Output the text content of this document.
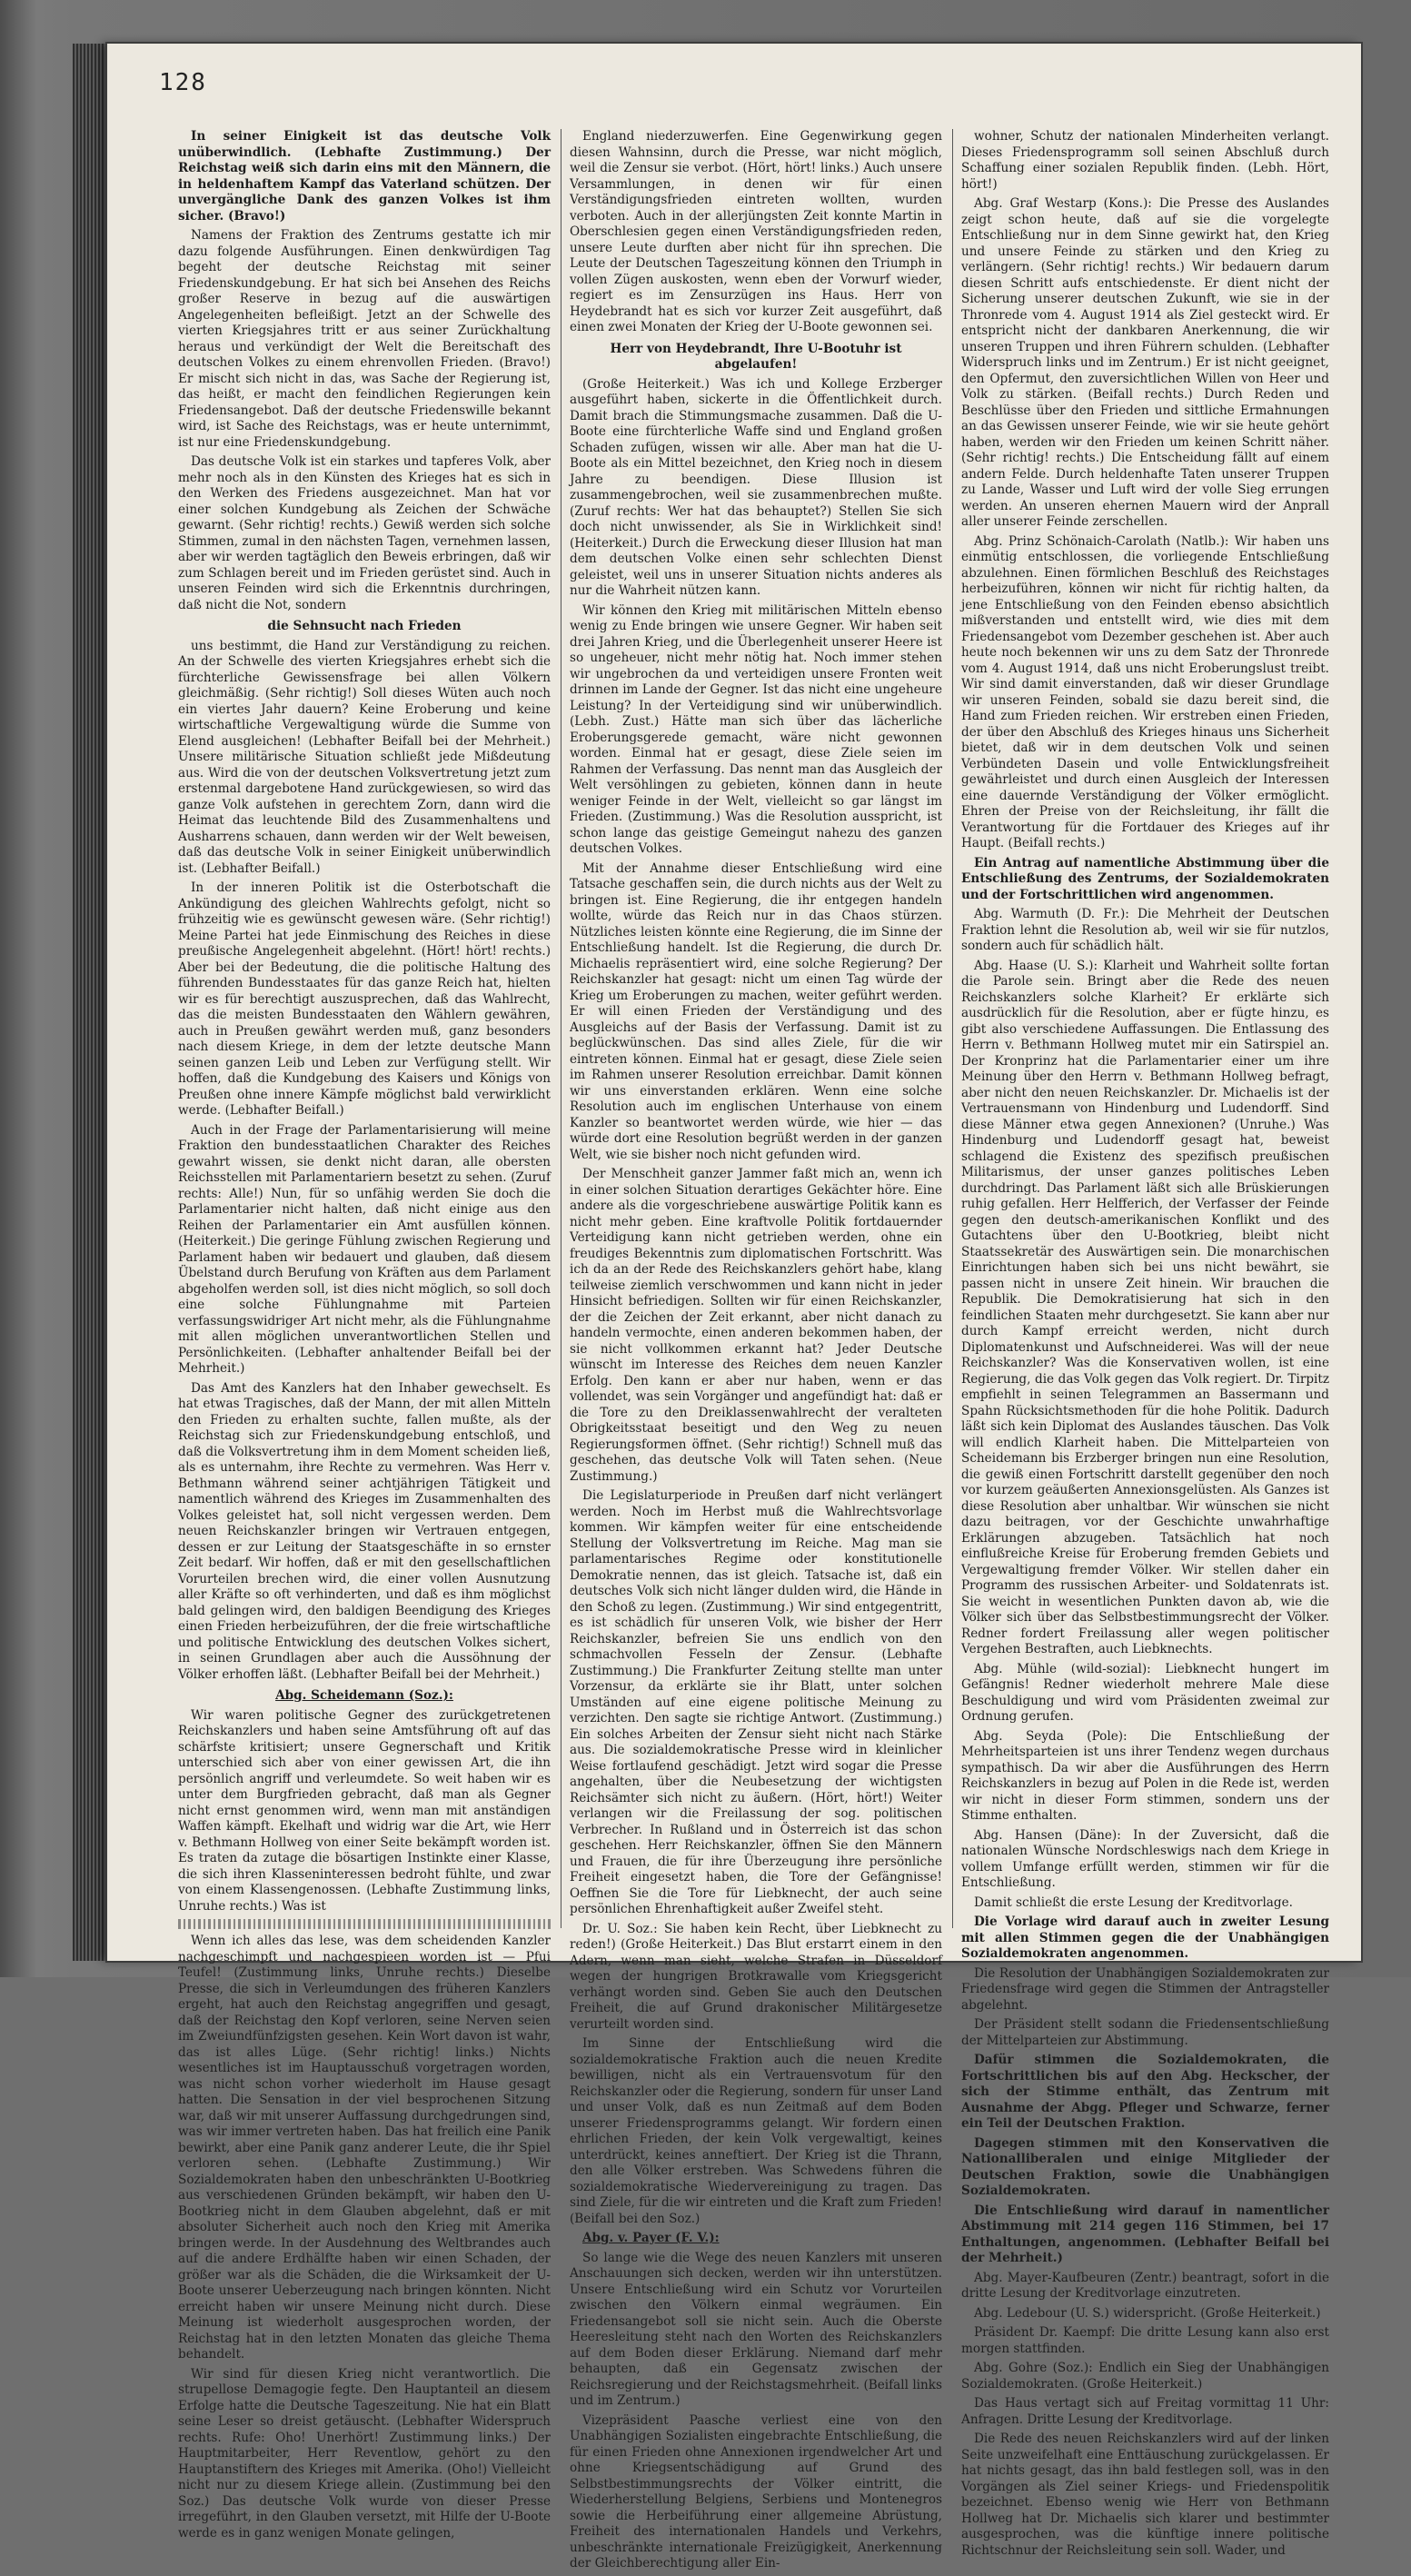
128

In seiner Einigkeit ist das deutsche Volk unüberwindlich. (Lebhafte Zustimmung.) Der Reichstag weiß sich darin eins mit den Männern, die in heldenhaftem Kampf das Vaterland schützen. Der unvergängliche Dank des ganzen Volkes ist ihm sicher. (Bravo!)

Namens der Fraktion des Zentrums gestatte ich mir dazu folgende Ausführungen. Einen denkwürdigen Tag begeht der deutsche Reichstag mit seiner Friedenskundgebung. Er hat sich bei Ansehen des Reichs großer Reserve in bezug auf die auswärtigen Angelegenheiten befleißigt. Jetzt an der Schwelle des vierten Kriegsjahres tritt er aus seiner Zurückhaltung heraus und verkündigt der Welt die Bereitschaft des deutschen Volkes zu einem ehrenvollen Frieden. (Bravo!) Er mischt sich nicht in das, was Sache der Regierung ist, das heißt, er macht den feindlichen Regierungen kein Friedensangebot. Daß der deutsche Friedenswille bekannt wird, ist Sache des Reichstags, was er heute unternimmt, ist nur eine Friedenskundgebung.

Das deutsche Volk ist ein starkes und tapferes Volk, aber mehr noch als in den Künsten des Krieges hat es sich in den Werken des Friedens ausgezeichnet. Man hat vor einer solchen Kundgebung als Zeichen der Schwäche gewarnt. (Sehr richtig! rechts.) Gewiß werden sich solche Stimmen, zumal in den nächsten Tagen, vernehmen lassen, aber wir werden tagtäglich den Beweis erbringen, daß wir zum Schlagen bereit und im Frieden gerüstet sind. Auch in unseren Feinden wird sich die Erkenntnis durchringen, daß nicht die Not, sondern

die Sehnsucht nach Frieden

uns bestimmt, die Hand zur Verständigung zu reichen. An der Schwelle des vierten Kriegsjahres erhebt sich die fürchterliche Gewissensfrage bei allen Völkern gleichmäßig. (Sehr richtig!) Soll dieses Wüten auch noch ein viertes Jahr dauern? Keine Eroberung und keine wirtschaftliche Vergewaltigung würde die Summe von Elend ausgleichen! (Lebhafter Beifall bei der Mehrheit.) Unsere militärische Situation schließt jede Mißdeutung aus. Wird die von der deutschen Volksvertretung jetzt zum erstenmal dargebotene Hand zurückgewiesen, so wird das ganze Volk aufstehen in gerechtem Zorn, dann wird die Heimat das leuchtende Bild des Zusammenhaltens und Ausharrens schauen, dann werden wir der Welt beweisen, daß das deutsche Volk in seiner Einigkeit unüberwindlich ist. (Lebhafter Beifall.)

In der inneren Politik ist die Osterbotschaft die Ankündigung des gleichen Wahlrechts gefolgt, nicht so frühzeitig wie es gewünscht gewesen wäre. (Sehr richtig!) Meine Partei hat jede Einmischung des Reiches in diese preußische Angelegenheit abgelehnt. (Hört! hört! rechts.) Aber bei der Bedeutung, die die politische Haltung des führenden Bundesstaates für das ganze Reich hat, hielten wir es für berechtigt auszusprechen, daß das Wahlrecht, das die meisten Bundesstaaten den Wählern gewähren, auch in Preußen gewährt werden muß, ganz besonders nach diesem Kriege, in dem der letzte deutsche Mann seinen ganzen Leib und Leben zur Verfügung stellt. Wir hoffen, daß die Kundgebung des Kaisers und Königs von Preußen ohne innere Kämpfe möglichst bald verwirklicht werde. (Lebhafter Beifall.)

Auch in der Frage der Parlamentarisierung will meine Fraktion den bundesstaatlichen Charakter des Reiches gewahrt wissen, sie denkt nicht daran, alle obersten Reichsstellen mit Parlamentariern besetzt zu sehen. (Zuruf rechts: Alle!) Nun, für so unfähig werden Sie doch die Parlamentarier nicht halten, daß nicht einige aus den Reihen der Parlamentarier ein Amt ausfüllen können. (Heiterkeit.) Die geringe Fühlung zwischen Regierung und Parlament haben wir bedauert und glauben, daß diesem Übelstand durch Berufung von Kräften aus dem Parlament abgeholfen werden soll, ist dies nicht möglich, so soll doch eine solche Fühlungnahme mit Parteien verfassungswidriger Art nicht mehr, als die Fühlungnahme mit allen möglichen unverantwortlichen Stellen und Persönlichkeiten. (Lebhafter anhaltender Beifall bei der Mehrheit.)

Das Amt des Kanzlers hat den Inhaber gewechselt. Es hat etwas Tragisches, daß der Mann, der mit allen Mitteln den Frieden zu erhalten suchte, fallen mußte, als der Reichstag sich zur Friedenskundgebung entschloß, und daß die Volksvertretung ihm in dem Moment scheiden ließ, als es unternahm, ihre Rechte zu vermehren. Was Herr v. Bethmann während seiner achtjährigen Tätigkeit und namentlich während des Krieges im Zusammenhalten des Volkes geleistet hat, soll nicht vergessen werden. Dem neuen Reichskanzler bringen wir Vertrauen entgegen, dessen er zur Leitung der Staatsgeschäfte in so ernster Zeit bedarf. Wir hoffen, daß er mit den gesellschaftlichen Vorurteilen brechen wird, die einer vollen Ausnutzung aller Kräfte so oft verhinderten, und daß es ihm möglichst bald gelingen wird, den baldigen Beendigung des Krieges einen Frieden herbeizuführen, der die freie wirtschaftliche und politische Entwicklung des deutschen Volkes sichert, in seinen Grundlagen aber auch die Aussöhnung der Völker erhoffen läßt. (Lebhafter Beifall bei der Mehrheit.)

Abg. Scheidemann (Soz.):

Wir waren politische Gegner des zurückgetretenen Reichskanzlers und haben seine Amtsführung oft auf das schärfste kritisiert; unsere Gegnerschaft und Kritik unterschied sich aber von einer gewissen Art, die ihn persönlich angriff und verleumdete. So weit haben wir es unter dem Burgfrieden gebracht, daß man als Gegner nicht ernst genommen wird, wenn man mit anständigen Waffen kämpft. Ekelhaft und widrig war die Art, wie Herr v. Bethmann Hollweg von einer Seite bekämpft worden ist. Es traten da zutage die bösartigen Instinkte einer Klasse, die sich ihren Klasseninteressen bedroht fühlte, und zwar von einem Klassengenossen. (Lebhafte Zustimmung links, Unruhe rechts.) Was ist

Wenn ich alles das lese, was dem scheidenden Kanzler nachgeschimpft und nachgespieen worden ist — Pfui Teufel! (Zustimmung links, Unruhe rechts.) Dieselbe Presse, die sich in Verleumdungen des früheren Kanzlers ergeht, hat auch den Reichstag angegriffen und gesagt, daß der Reichstag den Kopf verloren, seine Nerven seien im Zweiundfünfzigsten gesehen. Kein Wort davon ist wahr, das ist alles Lüge. (Sehr richtig! links.) Nichts wesentliches ist im Hauptausschuß vorgetragen worden, was nicht schon vorher wiederholt im Hause gesagt hatten. Die Sensation in der viel besprochenen Sitzung war, daß wir mit unserer Auffassung durchgedrungen sind, was wir immer vertreten haben. Das hat freilich eine Panik bewirkt, aber eine Panik ganz anderer Leute, die ihr Spiel verloren sehen. (Lebhafte Zustimmung.) Wir Sozialdemokraten haben den unbeschränkten U-Bootkrieg aus verschiedenen Gründen bekämpft, wir haben den U-Bootkrieg nicht in dem Glauben abgelehnt, daß er mit absoluter Sicherheit auch noch den Krieg mit Amerika bringen werde. In der Ausdehnung des Weltbrandes auch auf die andere Erdhälfte haben wir einen Schaden, der größer war als die Schäden, die die Wirksamkeit der U-Boote unserer Ueberzeugung nach bringen könnten. Nicht erreicht haben wir unsere Meinung nicht durch. Diese Meinung ist wiederholt ausgesprochen worden, der Reichstag hat in den letzten Monaten das gleiche Thema behandelt.

Wir sind für diesen Krieg nicht verantwortlich. Die strupellose Demagogie fegte. Den Hauptanteil an diesem Erfolge hatte die Deutsche Tageszeitung. Nie hat ein Blatt seine Leser so dreist getäuscht. (Lebhafter Widerspruch rechts. Rufe: Oho! Unerhört! Zustimmung links.) Der Hauptmitarbeiter, Herr Reventlow, gehört zu den Hauptanstiftern des Krieges mit Amerika. (Oho!) Vielleicht nicht nur zu diesem Kriege allein. (Zustimmung bei den Soz.) Das deutsche Volk wurde von dieser Presse irregeführt, in den Glauben versetzt, mit Hilfe der U-Boote werde es in ganz wenigen Monate gelingen,

England niederzuwerfen. Eine Gegenwirkung gegen diesen Wahnsinn, durch die Presse, war nicht möglich, weil die Zensur sie verbot. (Hört, hört! links.) Auch unsere Versammlungen, in denen wir für einen Verständigungsfrieden eintreten wollten, wurden verboten. Auch in der allerjüngsten Zeit konnte Martin in Oberschlesien gegen einen Verständigungsfrieden reden, unsere Leute durften aber nicht für ihn sprechen. Die Leute der Deutschen Tageszeitung können den Triumph in vollen Zügen auskosten, wenn eben der Vorwurf wieder, regiert es im Zensurzügen ins Haus. Herr von Heydebrandt hat es sich vor kurzer Zeit ausgeführt, daß einen zwei Monaten der Krieg der U-Boote gewonnen sei.

Herr von Heydebrandt, Ihre U-Bootuhr ist abgelaufen!

(Große Heiterkeit.) Was ich und Kollege Erzberger ausgeführt haben, sickerte in die Öffentlichkeit durch. Damit brach die Stimmungsmache zusammen. Daß die U-Boote eine fürchterliche Waffe sind und England großen Schaden zufügen, wissen wir alle. Aber man hat die U-Boote als ein Mittel bezeichnet, den Krieg noch in diesem Jahre zu beendigen. Diese Illusion ist zusammengebrochen, weil sie zusammenbrechen mußte. (Zuruf rechts: Wer hat das behauptet?) Stellen Sie sich doch nicht unwissender, als Sie in Wirklichkeit sind! (Heiterkeit.) Durch die Erweckung dieser Illusion hat man dem deutschen Volke einen sehr schlechten Dienst geleistet, weil uns in unserer Situation nichts anderes als nur die Wahrheit nützen kann.

Wir können den Krieg mit militärischen Mitteln ebenso wenig zu Ende bringen wie unsere Gegner. Wir haben seit drei Jahren Krieg, und die Überlegenheit unserer Heere ist so ungeheuer, nicht mehr nötig hat. Noch immer stehen wir ungebrochen da und verteidigen unsere Fronten weit drinnen im Lande der Gegner. Ist das nicht eine ungeheure Leistung? In der Verteidigung sind wir unüberwindlich. (Lebh. Zust.) Hätte man sich über das lächerliche Eroberungsgerede gemacht, wäre nicht gewonnen worden. Einmal hat er gesagt, diese Ziele seien im Rahmen der Verfassung. Das nennt man das Ausgleich der Welt versöhlingen zu gebieten, können dann in heute weniger Feinde in der Welt, vielleicht so gar längst im Frieden. (Zustimmung.) Was die Resolution ausspricht, ist schon lange das geistige Gemeingut nahezu des ganzen deutschen Volkes.

Mit der Annahme dieser Entschließung wird eine Tatsache geschaffen sein, die durch nichts aus der Welt zu bringen ist. Eine Regierung, die ihr entgegen handeln wollte, würde das Reich nur in das Chaos stürzen. Nützliches leisten könnte eine Regierung, die im Sinne der Entschließung handelt. Ist die Regierung, die durch Dr. Michaelis repräsentiert wird, eine solche Regierung? Der Reichskanzler hat gesagt: nicht um einen Tag würde der Krieg um Eroberungen zu machen, weiter geführt werden. Er will einen Frieden der Verständigung und des Ausgleichs auf der Basis der Verfassung. Damit ist zu beglückwünschen. Das sind alles Ziele, für die wir eintreten können. Einmal hat er gesagt, diese Ziele seien im Rahmen unserer Resolution erreichbar. Damit können wir uns einverstanden erklären. Wenn eine solche Resolution auch im englischen Unterhause von einem Kanzler so beantwortet werden würde, wie hier — das würde dort eine Resolution begrüßt werden in der ganzen Welt, wie sie bisher noch nicht gefunden wird.

Der Menschheit ganzer Jammer faßt mich an, wenn ich in einer solchen Situation derartiges Gekächter höre. Eine andere als die vorgeschriebene auswärtige Politik kann es nicht mehr geben. Eine kraftvolle Politik fortdauernder Verteidigung kann nicht getrieben werden, ohne ein freudiges Bekenntnis zum diplomatischen Fortschritt. Was ich da an der Rede des Reichskanzlers gehört habe, klang teilweise ziemlich verschwommen und kann nicht in jeder Hinsicht befriedigen. Sollten wir für einen Reichskanzler, der die Zeichen der Zeit erkannt, aber nicht danach zu handeln vermochte, einen anderen bekommen haben, der sie nicht vollkommen erkannt hat? Jeder Deutsche wünscht im Interesse des Reiches dem neuen Kanzler Erfolg. Den kann er aber nur haben, wenn er das vollendet, was sein Vorgänger und angefündigt hat: daß er die Tore zu den Dreiklassenwahlrecht der veralteten Obrigkeitsstaat beseitigt und den Weg zu neuen Regierungsformen öffnet. (Sehr richtig!) Schnell muß das geschehen, das deutsche Volk will Taten sehen. (Neue Zustimmung.)

Die Legislaturperiode in Preußen darf nicht verlängert werden. Noch im Herbst muß die Wahlrechtsvorlage kommen. Wir kämpfen weiter für eine entscheidende Stellung der Volksvertretung im Reiche. Mag man sie parlamentarisches Regime oder konstitutionelle Demokratie nennen, das ist gleich. Tatsache ist, daß ein deutsches Volk sich nicht länger dulden wird, die Hände in den Schoß zu legen. (Zustimmung.) Wir sind entgegentritt, es ist schädlich für unseren Volk, wie bisher der Herr Reichskanzler, befreien Sie uns endlich von den schmachvollen Fesseln der Zensur. (Lebhafte Zustimmung.) Die Frankfurter Zeitung stellte man unter Vorzensur, da erklärte sie ihr Blatt, unter solchen Umständen auf eine eigene politische Meinung zu verzichten. Den sagte sie richtige Antwort. (Zustimmung.) Ein solches Arbeiten der Zensur sieht nicht nach Stärke aus. Die sozialdemokratische Presse wird in kleinlicher Weise fortlaufend geschädigt. Jetzt wird sogar die Presse angehalten, über die Neubesetzung der wichtigsten Reichsämter sich nicht zu äußern. (Hört, hört!) Weiter verlangen wir die Freilassung der sog. politischen Verbrecher. In Rußland und in Österreich ist das schon geschehen. Herr Reichskanzler, öffnen Sie den Männern und Frauen, die für ihre Überzeugung ihre persönliche Freiheit eingesetzt haben, die Tore der Gefängnisse! Oeffnen Sie die Tore für Liebknecht, der auch seine persönlichen Ehrenhaftigkeit außer Zweifel steht.

Dr. U. Soz.: Sie haben kein Recht, über Liebknecht zu reden!) (Große Heiterkeit.) Das Blut erstarrt einem in den Adern, wenn man sieht, welche Strafen in Düsseldorf wegen der hungrigen Brotkrawalle vom Kriegsgericht verhängt worden sind. Geben Sie auch den Deutschen Freiheit, die auf Grund drakonischer Militärgesetze verurteilt worden sind.

Im Sinne der Entschließung wird die sozialdemokratische Fraktion auch die neuen Kredite bewilligen, nicht als ein Vertrauensvotum für den Reichskanzler oder die Regierung, sondern für unser Land und unser Volk, daß es nun Zeitmaß auf dem Boden unserer Friedensprogramms gelangt. Wir fordern einen ehrlichen Frieden, der kein Volk vergewaltigt, keines unterdrückt, keines anneftiert. Der Krieg ist die Thrann, den alle Völker erstreben. Was Schwedens führen die sozialdemokratische Wiedervereinigung zu tragen. Das sind Ziele, für die wir eintreten und die Kraft zum Frieden! (Beifall bei den Soz.)

Abg. v. Payer (F. V.):

So lange wie die Wege des neuen Kanzlers mit unseren Anschauungen sich decken, werden wir ihn unterstützen. Unsere Entschließung wird ein Schutz vor Vorurteilen zwischen den Völkern einmal wegräumen. Ein Friedensangebot soll sie nicht sein. Auch die Oberste Heeresleitung steht nach den Worten des Reichskanzlers auf dem Boden dieser Erklärung. Niemand darf mehr behaupten, daß ein Gegensatz zwischen der Reichsregierung und der Reichstagsmehrheit. (Beifall links und im Zentrum.)

Vizepräsident Paasche verliest eine von den Unabhängigen Sozialisten eingebrachte Entschließung, die für einen Frieden ohne Annexionen irgendwelcher Art und ohne Kriegsentschädigung auf Grund des Selbstbestimmungsrechts der Völker eintritt, die Wiederherstellung Belgiens, Serbiens und Montenegros sowie die Herbeiführung einer allgemeine Abrüstung, Freiheit des internationalen Handels und Verkehrs, unbeschränkte internationale Freizügigkeit, Anerkennung der Gleichberechtigung aller Ein-

wohner, Schutz der nationalen Minderheiten verlangt. Dieses Friedensprogramm soll seinen Abschluß durch Schaffung einer sozialen Republik finden. (Lebh. Hört, hört!)

Abg. Graf Westarp (Kons.): Die Presse des Auslandes zeigt schon heute, daß auf sie die vorgelegte Entschließung nur in dem Sinne gewirkt hat, den Krieg und unsere Feinde zu stärken und den Krieg zu verlängern. (Sehr richtig! rechts.) Wir bedauern darum diesen Schritt aufs entschiedenste. Er dient nicht der Sicherung unserer deutschen Zukunft, wie sie in der Thronrede vom 4. August 1914 als Ziel gesteckt wird. Er entspricht nicht der dankbaren Anerkennung, die wir unseren Truppen und ihren Führern schulden. (Lebhafter Widerspruch links und im Zentrum.) Er ist nicht geeignet, den Opfermut, den zuversichtlichen Willen von Heer und Volk zu stärken. (Beifall rechts.) Durch Reden und Beschlüsse über den Frieden und sittliche Ermahnungen an das Gewissen unserer Feinde, wie wir sie heute gehört haben, werden wir den Frieden um keinen Schritt näher. (Sehr richtig! rechts.) Die Entscheidung fällt auf einem andern Felde. Durch heldenhafte Taten unserer Truppen zu Lande, Wasser und Luft wird der volle Sieg errungen werden. An unseren ehernen Mauern wird der Anprall aller unserer Feinde zerschellen.

Abg. Prinz Schönaich-Carolath (Natlb.): Wir haben uns einmütig entschlossen, die vorliegende Entschließung abzulehnen. Einen förmlichen Beschluß des Reichstages herbeizuführen, können wir nicht für richtig halten, da jene Entschließung von den Feinden ebenso absichtlich mißverstanden und entstellt wird, wie dies mit dem Friedensangebot vom Dezember geschehen ist. Aber auch heute noch bekennen wir uns zu dem Satz der Thronrede vom 4. August 1914, daß uns nicht Eroberungslust treibt. Wir sind damit einverstanden, daß wir dieser Grundlage wir unseren Feinden, sobald sie dazu bereit sind, die Hand zum Frieden reichen. Wir erstreben einen Frieden, der über den Abschluß des Krieges hinaus uns Sicherheit bietet, daß wir in dem deutschen Volk und seinen Verbündeten Dasein und volle Entwicklungsfreiheit gewährleistet und durch einen Ausgleich der Interessen eine dauernde Verständigung der Völker ermöglicht. Ehren der Preise von der Reichsleitung, ihr fällt die Verantwortung für die Fortdauer des Krieges auf ihr Haupt. (Beifall rechts.)

Ein Antrag auf namentliche Abstimmung über die Entschließung des Zentrums, der Sozialdemokraten und der Fortschrittlichen wird angenommen.

Abg. Warmuth (D. Fr.): Die Mehrheit der Deutschen Fraktion lehnt die Resolution ab, weil wir sie für nutzlos, sondern auch für schädlich hält.

Abg. Haase (U. S.): Klarheit und Wahrheit sollte fortan die Parole sein. Bringt aber die Rede des neuen Reichskanzlers solche Klarheit? Er erklärte sich ausdrücklich für die Resolution, aber er fügte hinzu, es gibt also verschiedene Auffassungen. Die Entlassung des Herrn v. Bethmann Hollweg mutet mir ein Satirspiel an. Der Kronprinz hat die Parlamentarier einer um ihre Meinung über den Herrn v. Bethmann Hollweg befragt, aber nicht den neuen Reichskanzler. Dr. Michaelis ist der Vertrauensmann von Hindenburg und Ludendorff. Sind diese Männer etwa gegen Annexionen? (Unruhe.) Was Hindenburg und Ludendorff gesagt hat, beweist schlagend die Existenz des spezifisch preußischen Militarismus, der unser ganzes politisches Leben durchdringt. Das Parlament läßt sich alle Brüskierungen ruhig gefallen. Herr Helfferich, der Verfasser der Feinde gegen den deutsch-amerikanischen Konflikt und des Gutachtens über den U-Bootkrieg, bleibt nicht Staatssekretär des Auswärtigen sein. Die monarchischen Einrichtungen haben sich bei uns nicht bewährt, sie passen nicht in unsere Zeit hinein. Wir brauchen die Republik. Die Demokratisierung hat sich in den feindlichen Staaten mehr durchgesetzt. Sie kann aber nur durch Kampf erreicht werden, nicht durch Diplomatenkunst und Aufschneiderei. Was will der neue Reichskanzler? Was die Konservativen wollen, ist eine Regierung, die das Volk gegen das Volk regiert. Dr. Tirpitz empfiehlt in seinen Telegrammen an Bassermann und Spahn Rücksichtsmethoden für die hohe Politik. Dadurch läßt sich kein Diplomat des Auslandes täuschen. Das Volk will endlich Klarheit haben. Die Mittelparteien von Scheidemann bis Erzberger bringen nun eine Resolution, die gewiß einen Fortschritt darstellt gegenüber den noch vor kurzem geäußerten Annexionsgelüsten. Als Ganzes ist diese Resolution aber unhaltbar. Wir wünschen sie nicht dazu beitragen, vor der Geschichte unwahrhaftige Erklärungen abzugeben. Tatsächlich hat noch einflußreiche Kreise für Eroberung fremden Gebiets und Vergewaltigung fremder Völker. Wir stellen daher ein Programm des russischen Arbeiter- und Soldatenrats ist. Sie weicht in wesentlichen Punkten davon ab, wie die Völker sich über das Selbstbestimmungsrecht der Völker. Redner fordert Freilassung aller wegen politischer Vergehen Bestraften, auch Liebknechts.

Abg. Mühle (wild-sozial): Liebknecht hungert im Gefängnis! Redner wiederholt mehrere Male diese Beschuldigung und wird vom Präsidenten zweimal zur Ordnung gerufen.

Abg. Seyda (Pole): Die Entschließung der Mehrheitsparteien ist uns ihrer Tendenz wegen durchaus sympathisch. Da wir aber die Ausführungen des Herrn Reichskanzlers in bezug auf Polen in die Rede ist, werden wir nicht in dieser Form stimmen, sondern uns der Stimme enthalten.

Abg. Hansen (Däne): In der Zuversicht, daß die nationalen Wünsche Nordschleswigs nach dem Kriege in vollem Umfange erfüllt werden, stimmen wir für die Entschließung.

Damit schließt die erste Lesung der Kreditvorlage.

Die Vorlage wird darauf auch in zweiter Lesung mit allen Stimmen gegen die der Unabhängigen Sozialdemokraten angenommen.

Die Resolution der Unabhängigen Sozialdemokraten zur Friedensfrage wird gegen die Stimmen der Antragsteller abgelehnt.

Der Präsident stellt sodann die Friedensentschließung der Mittelparteien zur Abstimmung.

Dafür stimmen die Sozialdemokraten, die Fortschrittlichen bis auf den Abg. Heckscher, der sich der Stimme enthält, das Zentrum mit Ausnahme der Abgg. Pfleger und Schwarze, ferner ein Teil der Deutschen Fraktion.

Dagegen stimmen mit den Konservativen die Nationalliberalen und einige Mitglieder der Deutschen Fraktion, sowie die Unabhängigen Sozialdemokraten.

Die Entschließung wird darauf in namentlicher Abstimmung mit 214 gegen 116 Stimmen, bei 17 Enthaltungen, angenommen. (Lebhafter Beifall bei der Mehrheit.)

Abg. Mayer-Kaufbeuren (Zentr.) beantragt, sofort in die dritte Lesung der Kreditvorlage einzutreten.

Abg. Ledebour (U. S.) widerspricht. (Große Heiterkeit.)

Präsident Dr. Kaempf: Die dritte Lesung kann also erst morgen stattfinden.

Abg. Gohre (Soz.): Endlich ein Sieg der Unabhängigen Sozialdemokraten. (Große Heiterkeit.)

Das Haus vertagt sich auf Freitag vormittag 11 Uhr: Anfragen. Dritte Lesung der Kreditvorlage.

Die Rede des neuen Reichskanzlers wird auf der linken Seite unzweifelhaft eine Enttäuschung zurückgelassen. Er hat nichts gesagt, das ihn bald festlegen soll, was in den Vorgängen als Ziel seiner Kriegs- und Friedenspolitik bezeichnet. Ebenso wenig wie Herr von Bethmann Hollweg hat Dr. Michaelis sich klarer und bestimmter ausgesprochen, was die künftige innere politische Richtschnur der Reichsleitung sein soll. Wader, und
